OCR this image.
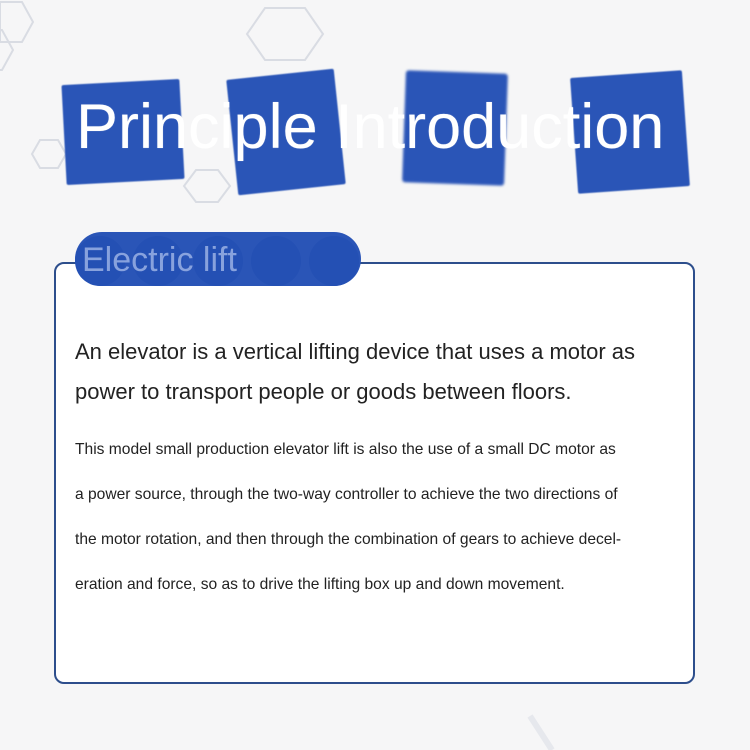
Principle Introduction
Electric lift

An elevator is a vertical lifting device that uses a motor as power to transport people or goods between floors.

This model small production elevator lift is also the use of a small DC motor as
a power source, through the two-way controller to achieve the two directions of
the motor rotation, and then through the combination of gears to achieve decel-
eration and force, so as to drive the lifting box up and down movement.
